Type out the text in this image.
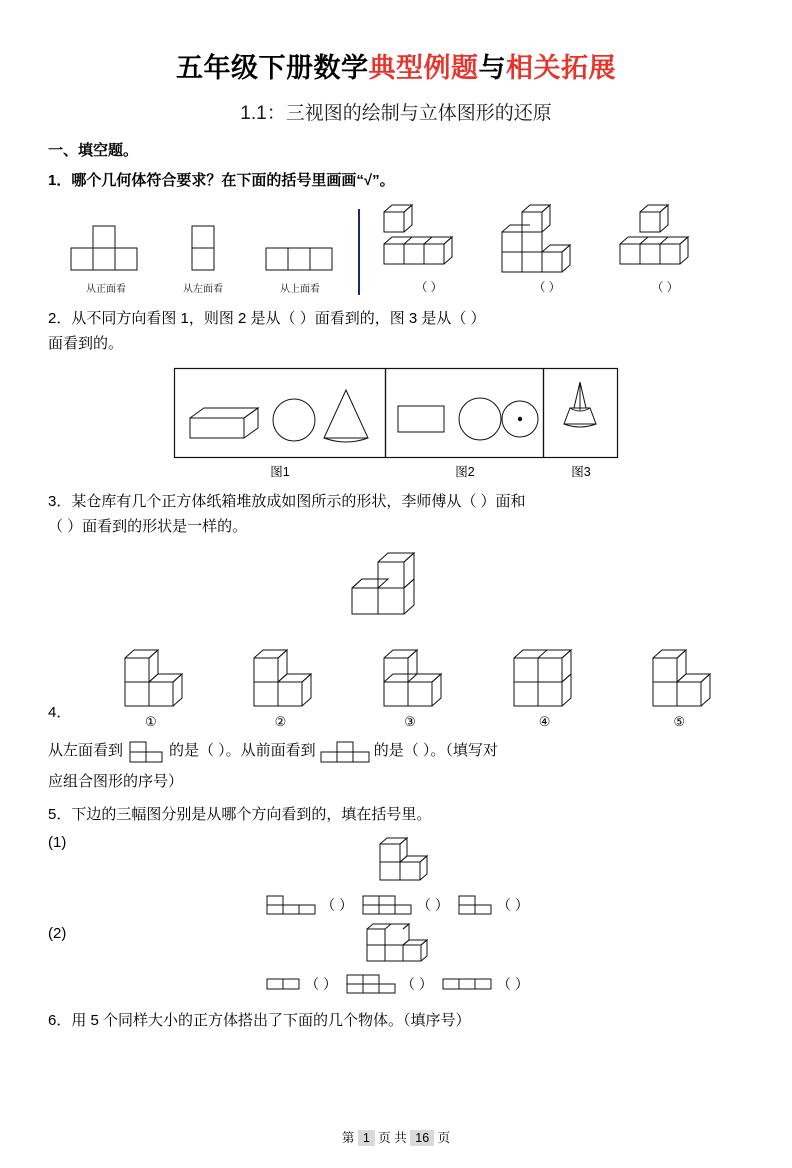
五年级下册数学典型例题与相关拓展
1.1：三视图的绘制与立体图形的还原
一、填空题。
1．哪个几何体符合要求？在下面的括号里画画“√”。
从正面看	从左面看	从上面看	（ ）	（ ）	（ ）
2．从不同方向看图 1，则图 2 是从（ ）面看到的，图 3 是从（ ）
面看到的。
图1	图2	图3
3．某仓库有几个正方体纸箱堆放成如图所示的形状，李师傅从（ ）面和
（ ）面看到的形状是一样的。
4．
①	②	③	④	⑤
从左面看到	的是（ ）。从前面看到	的是（ ）。（填写对
应组合图形的序号）
5．下边的三幅图分别是从哪个方向看到的，填在括号里。
(1)
（ ）	（ ）	（ ）
(2)
（ ）	（ ）	（ ）
6．用 5 个同样大小的正方体搭出了下面的几个物体。（填序号）
第 1 页 共 16 页
